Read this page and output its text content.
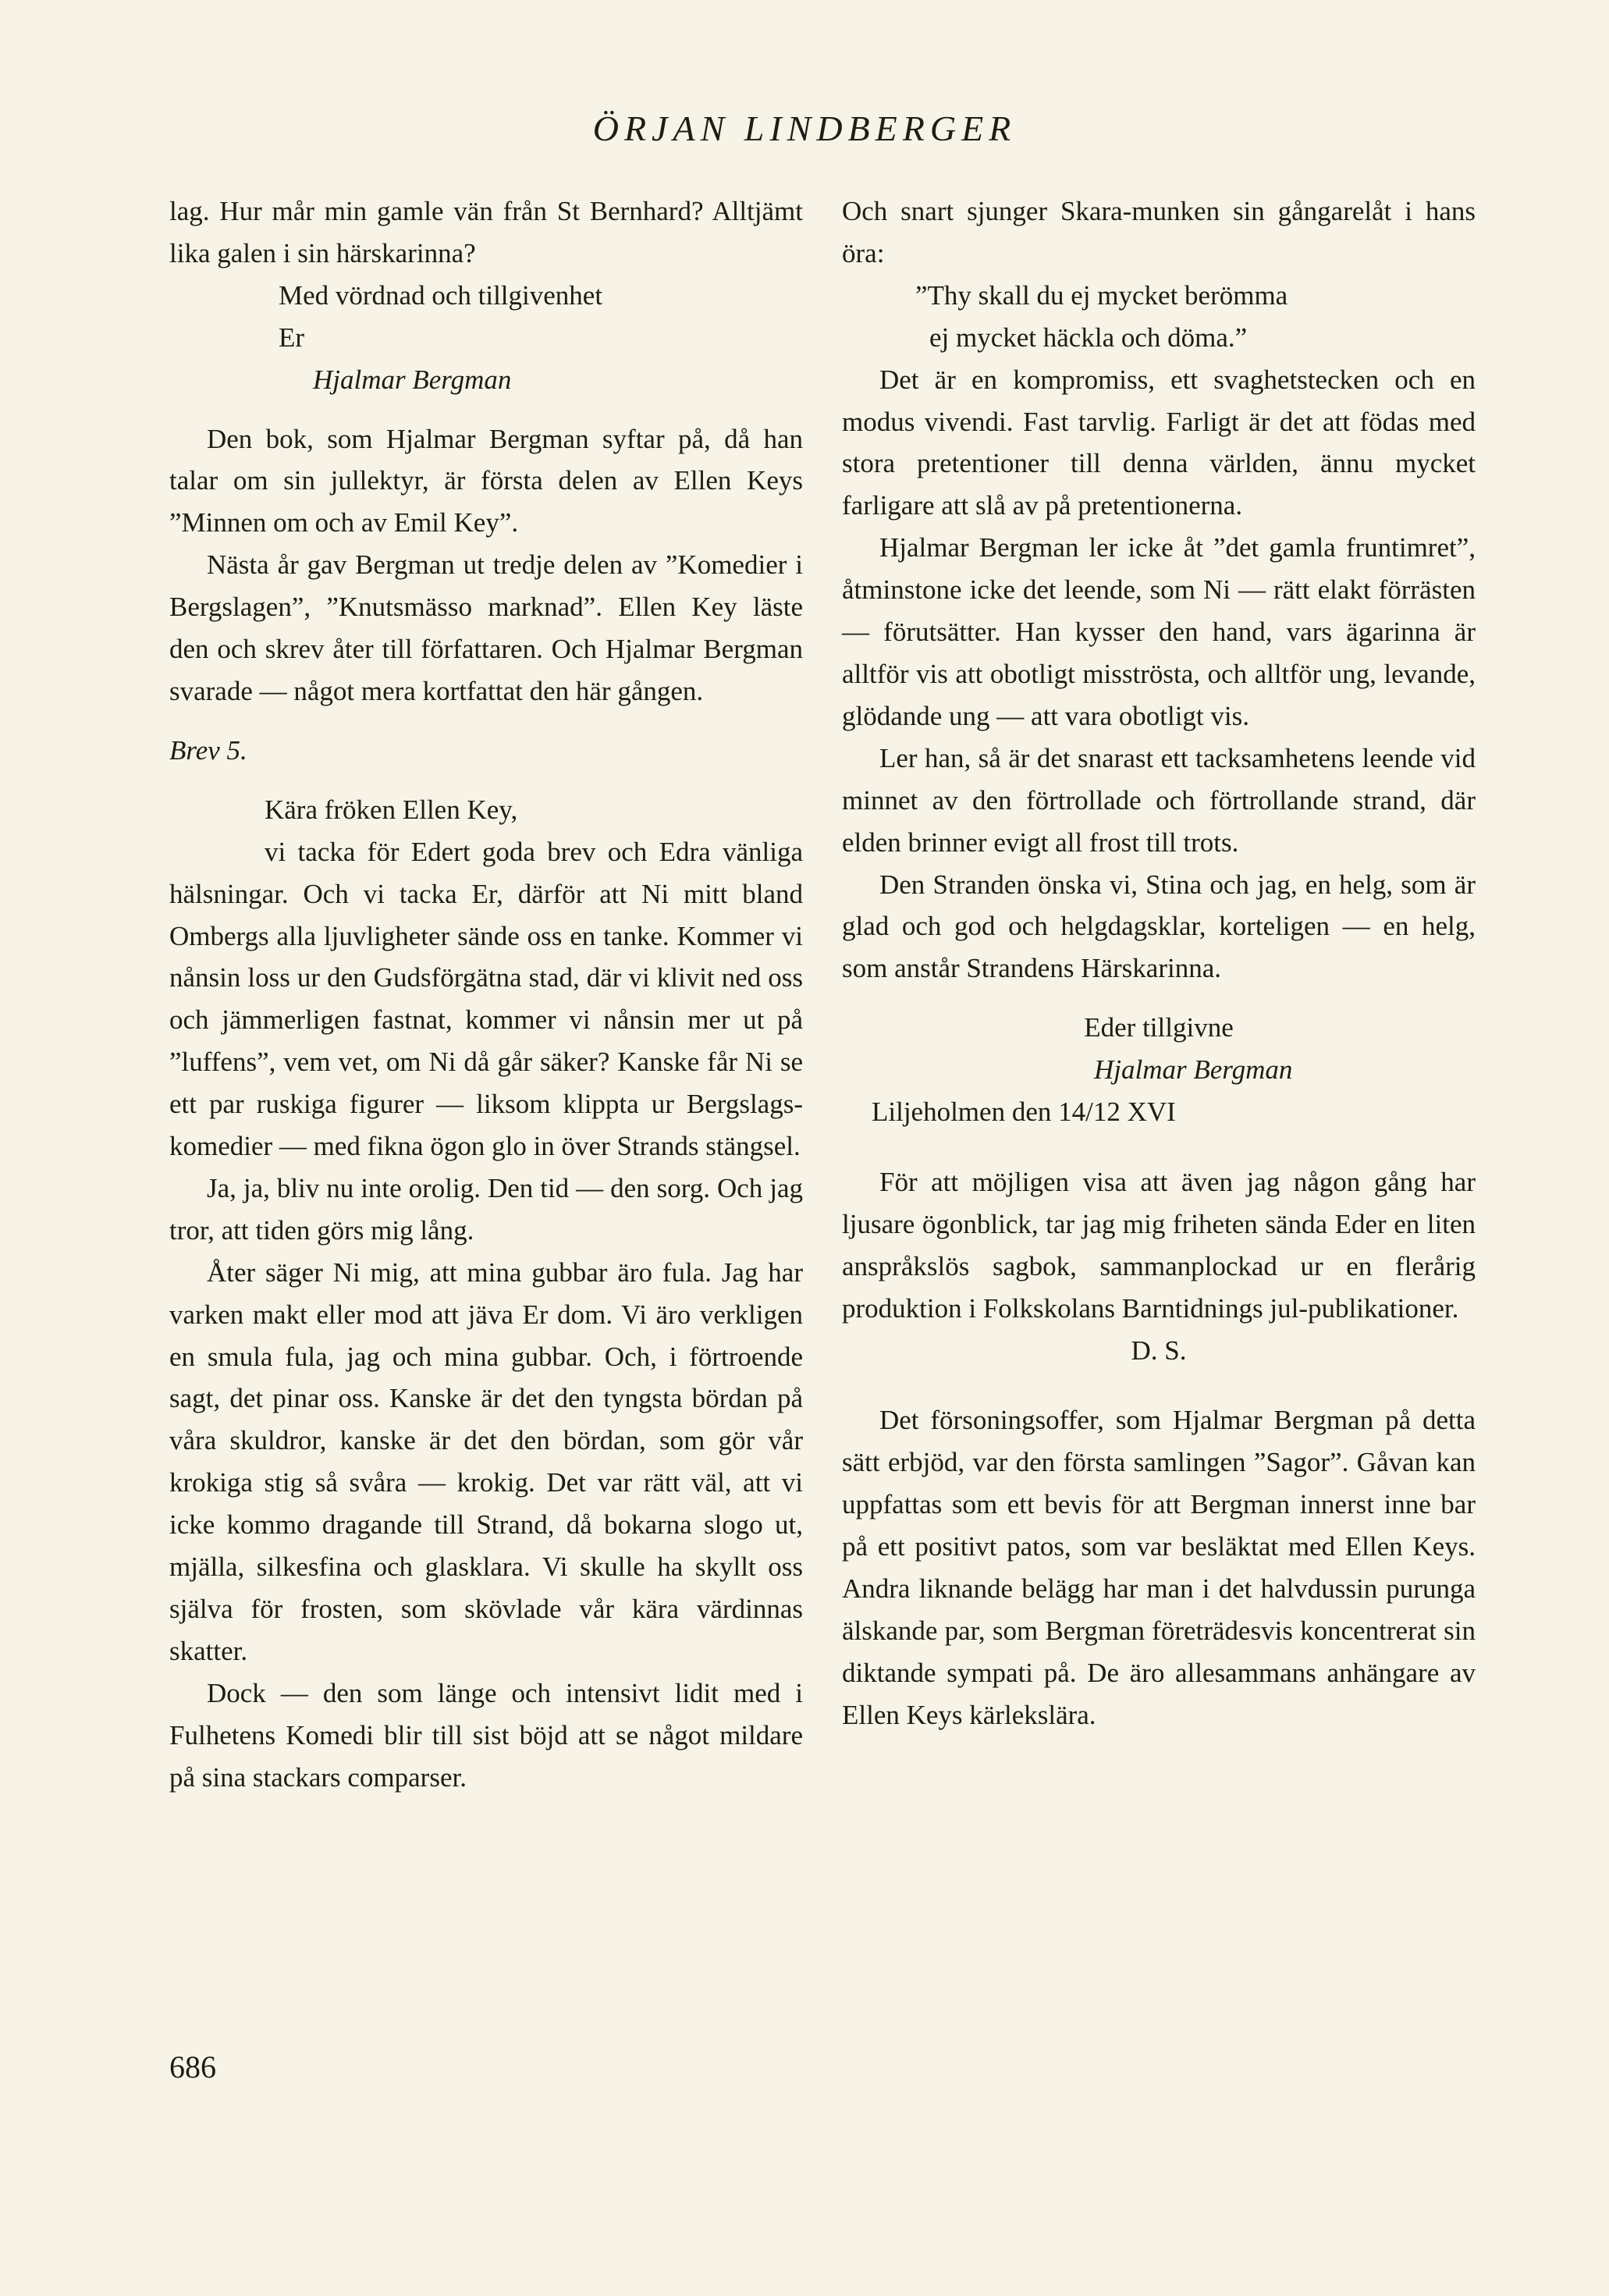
ÖRJAN LINDBERGER

lag. Hur mår min gamle vän från St Bernhard? Alltjämt lika galen i sin härskarinna?

Med vördnad och tillgivenhet

Er

Hjalmar Bergman

Den bok, som Hjalmar Bergman syftar på, då han talar om sin jullektyr, är första delen av Ellen Keys ”Minnen om och av Emil Key”.

Nästa år gav Bergman ut tredje delen av ”Komedier i Bergslagen”, ”Knutsmässo marknad”. Ellen Key läste den och skrev åter till författaren. Och Hjalmar Bergman svarade — något mera kortfattat den här gången.

Brev 5.

Kära fröken Ellen Key,

vi tacka för Edert goda brev och Edra vänliga hälsningar. Och vi tacka Er, därför att Ni mitt bland Ombergs alla ljuvligheter sände oss en tanke. Kommer vi nånsin loss ur den Gudsförgätna stad, där vi klivit ned oss och jämmerligen fastnat, kommer vi nånsin mer ut på ”luffens”, vem vet, om Ni då går säker? Kanske får Ni se ett par ruskiga figurer — liksom klippta ur Bergslags-komedier — med fikna ögon glo in över Strands stängsel.

Ja, ja, bliv nu inte orolig. Den tid — den sorg. Och jag tror, att tiden görs mig lång.

Åter säger Ni mig, att mina gubbar äro fula. Jag har varken makt eller mod att jäva Er dom. Vi äro verkligen en smula fula, jag och mina gubbar. Och, i förtroende sagt, det pinar oss. Kanske är det den tyngsta bördan på våra skuldror, kanske är det den bördan, som gör vår krokiga stig så svåra — krokig. Det var rätt väl, att vi icke kommo dragande till Strand, då bokarna slogo ut, mjälla, silkesfina och glasklara. Vi skulle ha skyllt oss själva för frosten, som skövlade vår kära värdinnas skatter.

Dock — den som länge och intensivt lidit med i Fulhetens Komedi blir till sist böjd att se något mildare på sina stackars comparser.

Och snart sjunger Skara-munken sin gångarelåt i hans öra:

”Thy skall du ej mycket berömma

ej mycket häckla och döma.”

Det är en kompromiss, ett svaghetstecken och en modus vivendi. Fast tarvlig. Farligt är det att födas med stora pretentioner till denna världen, ännu mycket farligare att slå av på pretentionerna.

Hjalmar Bergman ler icke åt ”det gamla fruntimret”, åtminstone icke det leende, som Ni — rätt elakt förrästen — förutsätter. Han kysser den hand, vars ägarinna är alltför vis att obotligt misströsta, och alltför ung, levande, glödande ung — att vara obotligt vis.

Ler han, så är det snarast ett tacksamhetens leende vid minnet av den förtrollade och förtrollande strand, där elden brinner evigt all frost till trots.

Den Stranden önska vi, Stina och jag, en helg, som är glad och god och helgdagsklar, korteligen — en helg, som anstår Strandens Härskarinna.

Eder tillgivne

Hjalmar Bergman

Liljeholmen den 14/12 XVI

För att möjligen visa att även jag någon gång har ljusare ögonblick, tar jag mig friheten sända Eder en liten anspråkslös sagbok, sammanplockad ur en flerårig produktion i Folkskolans Barntidnings jul-publikationer.

D. S.

Det försoningsoffer, som Hjalmar Bergman på detta sätt erbjöd, var den första samlingen ”Sagor”. Gåvan kan uppfattas som ett bevis för att Bergman innerst inne bar på ett positivt patos, som var besläktat med Ellen Keys. Andra liknande belägg har man i det halvdussin purunga älskande par, som Bergman företrädesvis koncentrerat sin diktande sympati på. De äro allesammans anhängare av Ellen Keys kärlekslära.

686
